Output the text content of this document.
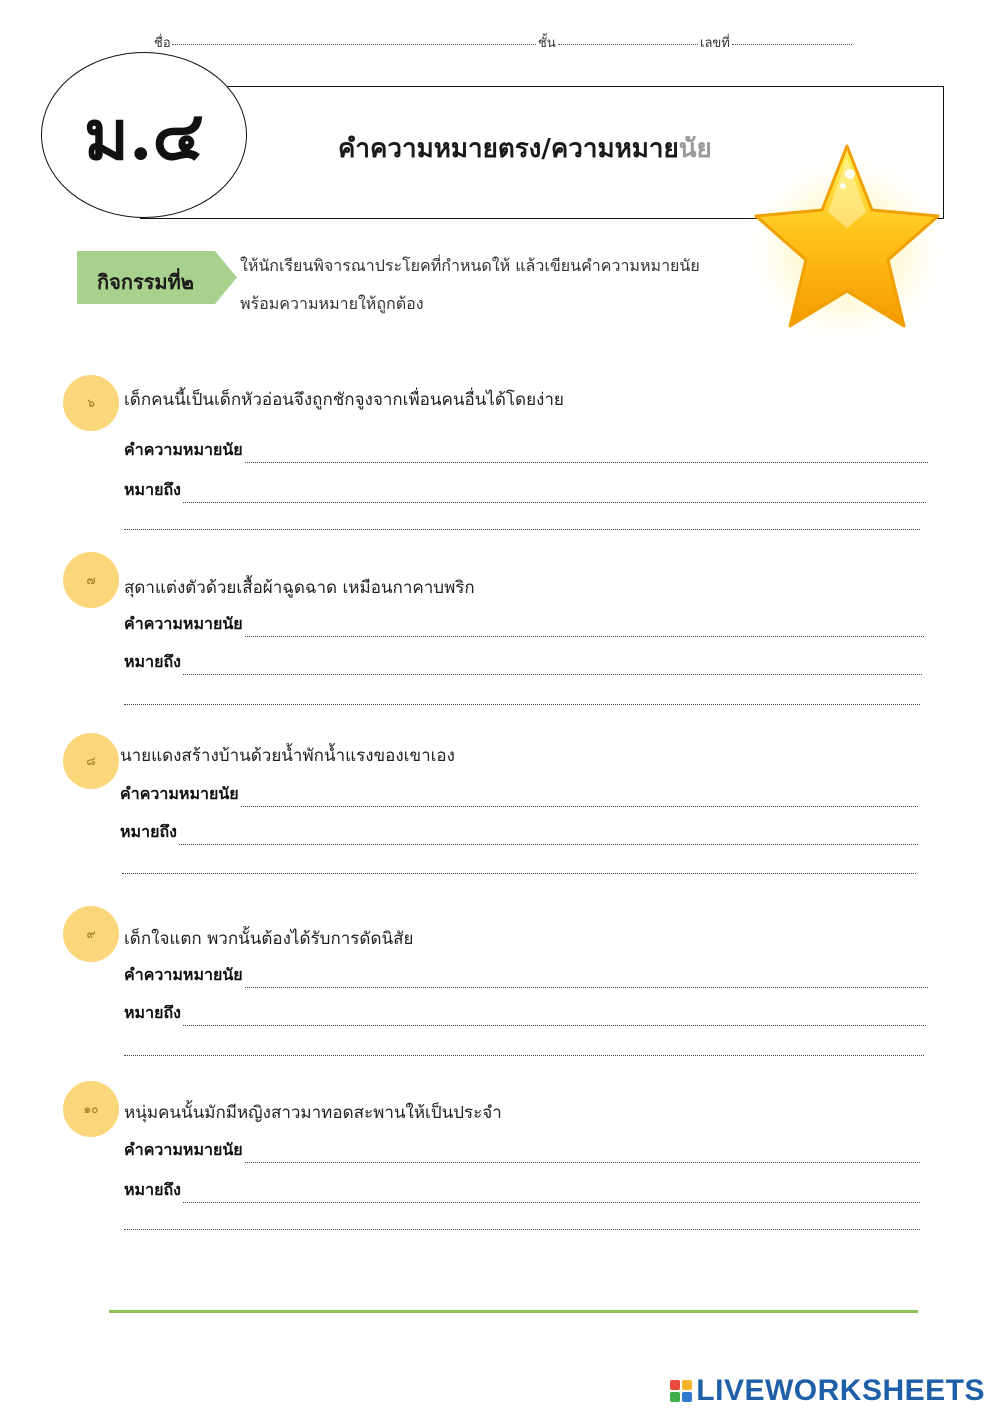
ชื่อ	ชั้น	เลขที่
ม.๔	คำความหมายตรง/ความหมายนัย
กิจกรรมที่๒
ให้นักเรียนพิจารณาประโยคที่กำหนดให้ แล้วเขียนคำความหมายนัย
พร้อมความหมายให้ถูกต้อง
๖ เด็กคนนี้เป็นเด็กหัวอ่อนจึงถูกชักจูงจากเพื่อนคนอื่นได้โดยง่าย
คำความหมายนัย
หมายถึง
๗ สุดาแต่งตัวด้วยเสื้อผ้าฉูดฉาด เหมือนกาคาบพริก
คำความหมายนัย
หมายถึง
๘ นายแดงสร้างบ้านด้วยน้ำพักน้ำแรงของเขาเอง
คำความหมายนัย
หมายถึง
๙ เด็กใจแตก พวกนั้นต้องได้รับการดัดนิสัย
คำความหมายนัย
หมายถึง
๑๐ หนุ่มคนนั้นมักมีหญิงสาวมาทอดสะพานให้เป็นประจำ
คำความหมายนัย
หมายถึง
LIVEWORKSHEETS
